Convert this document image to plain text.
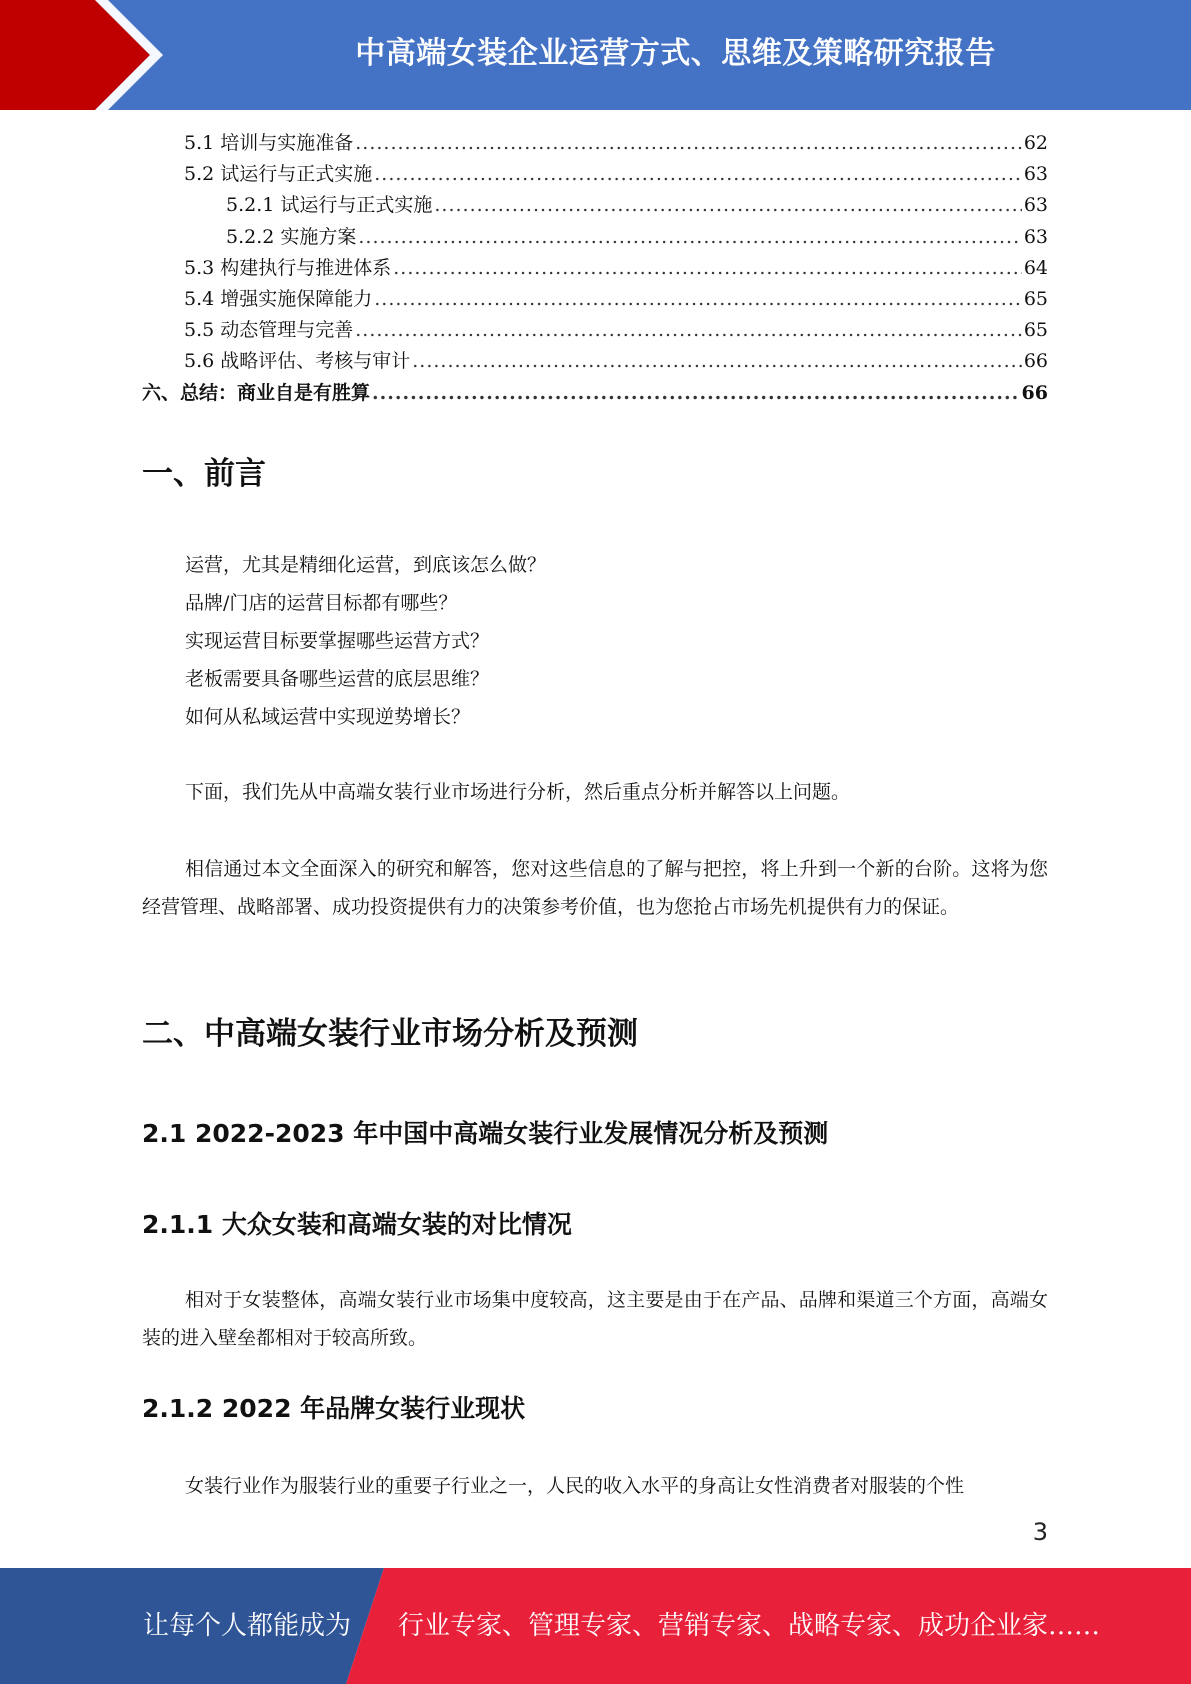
中高端女装企业运营方式、思维及策略研究报告
5.1 培训与实施准备 .....	62
5.2 试运行与正式实施 .....	63
5.2.1 试运行与正式实施 .....	63
5.2.2 实施方案 .....	63
5.3 构建执行与推进体系 .....	64
5.4 增强实施保障能力 .....	65
5.5 动态管理与完善 .....	65
5.6 战略评估、考核与审计 .....	66
六、总结：商业自是有胜算 .....	66
一、前言
运营，尤其是精细化运营，到底该怎么做？
品牌/门店的运营目标都有哪些？
实现运营目标要掌握哪些运营方式？
老板需要具备哪些运营的底层思维？
如何从私域运营中实现逆势增长？
下面，我们先从中高端女装行业市场进行分析，然后重点分析并解答以上问题。
相信通过本文全面深入的研究和解答，您对这些信息的了解与把控，将上升到一个新的台阶。这将为您经营管理、战略部署、成功投资提供有力的决策参考价值，也为您抢占市场先机提供有力的保证。
二、中高端女装行业市场分析及预测
2.1 2022-2023 年中国中高端女装行业发展情况分析及预测
2.1.1 大众女装和高端女装的对比情况
相对于女装整体，高端女装行业市场集中度较高，这主要是由于在产品、品牌和渠道三个方面，高端女装的进入壁垒都相对于较高所致。
2.1.2 2022 年品牌女装行业现状
女装行业作为服装行业的重要子行业之一，人民的收入水平的身高让女性消费者对服装的个性
3
让每个人都能成为 行业专家、管理专家、营销专家、战略专家、成功企业家……
